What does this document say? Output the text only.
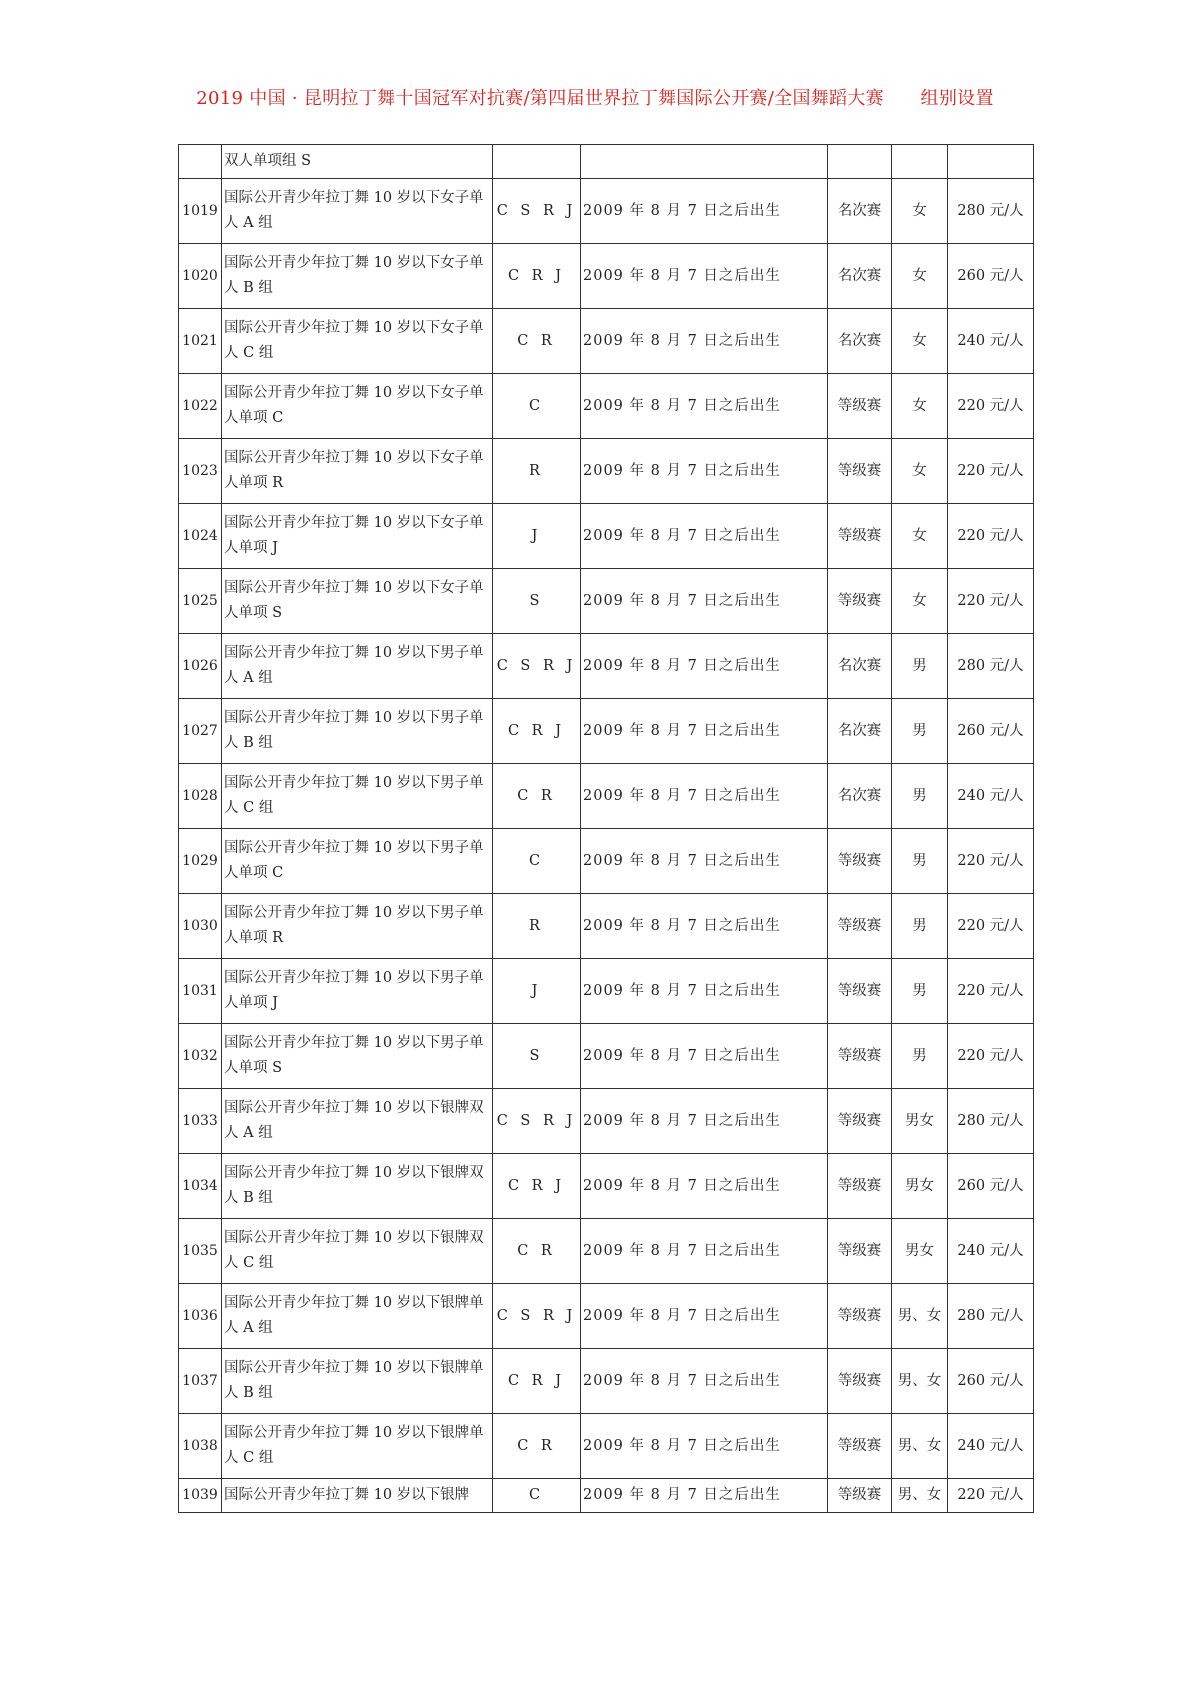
2019 中国 · 昆明拉丁舞十国冠军对抗赛/第四届世界拉丁舞国际公开赛/全国舞蹈大赛　　组别设置
	双人单项组 S					
1019	国际公开青少年拉丁舞 10 岁以下女子单人 A 组	C S R J	2009 年 8 月 7 日之后出生	名次赛	女	280 元/人
1020	国际公开青少年拉丁舞 10 岁以下女子单人 B 组	C R J	2009 年 8 月 7 日之后出生	名次赛	女	260 元/人
1021	国际公开青少年拉丁舞 10 岁以下女子单人 C 组	C R	2009 年 8 月 7 日之后出生	名次赛	女	240 元/人
1022	国际公开青少年拉丁舞 10 岁以下女子单人单项 C	C	2009 年 8 月 7 日之后出生	等级赛	女	220 元/人
1023	国际公开青少年拉丁舞 10 岁以下女子单人单项 R	R	2009 年 8 月 7 日之后出生	等级赛	女	220 元/人
1024	国际公开青少年拉丁舞 10 岁以下女子单人单项 J	J	2009 年 8 月 7 日之后出生	等级赛	女	220 元/人
1025	国际公开青少年拉丁舞 10 岁以下女子单人单项 S	S	2009 年 8 月 7 日之后出生	等级赛	女	220 元/人
1026	国际公开青少年拉丁舞 10 岁以下男子单人 A 组	C S R J	2009 年 8 月 7 日之后出生	名次赛	男	280 元/人
1027	国际公开青少年拉丁舞 10 岁以下男子单人 B 组	C R J	2009 年 8 月 7 日之后出生	名次赛	男	260 元/人
1028	国际公开青少年拉丁舞 10 岁以下男子单人 C 组	C R	2009 年 8 月 7 日之后出生	名次赛	男	240 元/人
1029	国际公开青少年拉丁舞 10 岁以下男子单人单项 C	C	2009 年 8 月 7 日之后出生	等级赛	男	220 元/人
1030	国际公开青少年拉丁舞 10 岁以下男子单人单项 R	R	2009 年 8 月 7 日之后出生	等级赛	男	220 元/人
1031	国际公开青少年拉丁舞 10 岁以下男子单人单项 J	J	2009 年 8 月 7 日之后出生	等级赛	男	220 元/人
1032	国际公开青少年拉丁舞 10 岁以下男子单人单项 S	S	2009 年 8 月 7 日之后出生	等级赛	男	220 元/人
1033	国际公开青少年拉丁舞 10 岁以下银牌双人 A 组	C S R J	2009 年 8 月 7 日之后出生	等级赛	男女	280 元/人
1034	国际公开青少年拉丁舞 10 岁以下银牌双人 B 组	C R J	2009 年 8 月 7 日之后出生	等级赛	男女	260 元/人
1035	国际公开青少年拉丁舞 10 岁以下银牌双人 C 组	C R	2009 年 8 月 7 日之后出生	等级赛	男女	240 元/人
1036	国际公开青少年拉丁舞 10 岁以下银牌单人 A 组	C S R J	2009 年 8 月 7 日之后出生	等级赛	男、女	280 元/人
1037	国际公开青少年拉丁舞 10 岁以下银牌单人 B 组	C R J	2009 年 8 月 7 日之后出生	等级赛	男、女	260 元/人
1038	国际公开青少年拉丁舞 10 岁以下银牌单人 C 组	C R	2009 年 8 月 7 日之后出生	等级赛	男、女	240 元/人
1039	国际公开青少年拉丁舞 10 岁以下银牌	C	2009 年 8 月 7 日之后出生	等级赛	男、女	220 元/人
